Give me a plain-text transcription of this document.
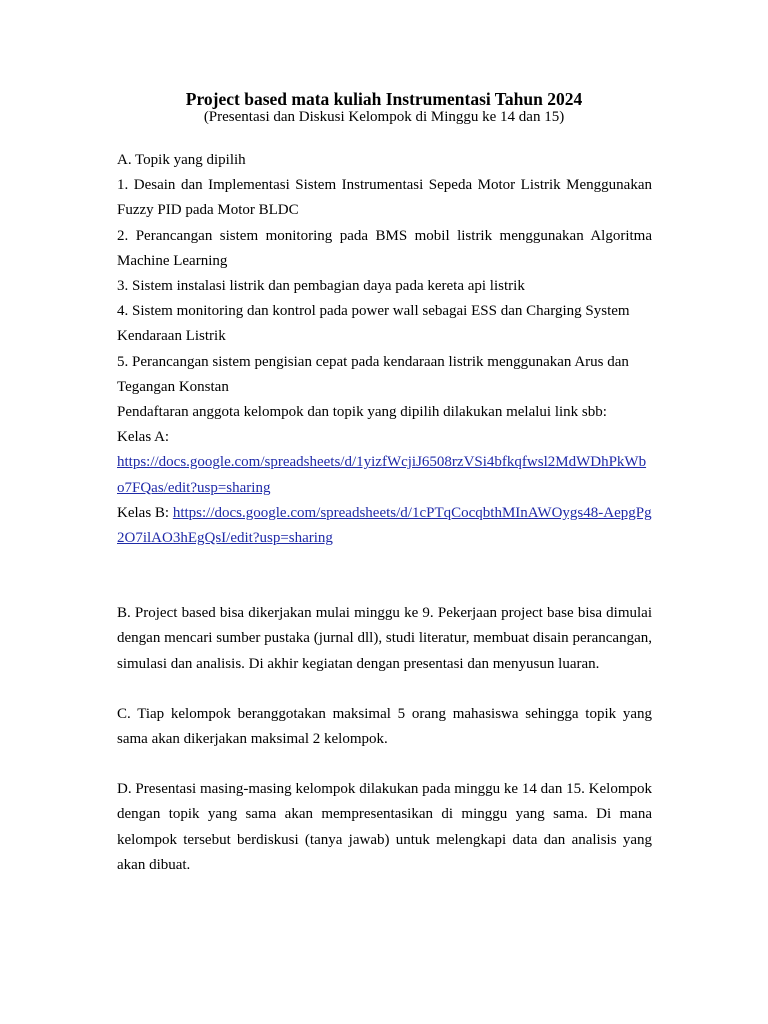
Project based mata kuliah Instrumentasi Tahun 2024
(Presentasi dan Diskusi Kelompok di Minggu ke 14 dan 15)

A. Topik yang dipilih

1. Desain dan Implementasi Sistem Instrumentasi Sepeda Motor Listrik Menggunakan Fuzzy PID pada Motor BLDC

2. Perancangan sistem monitoring pada BMS mobil listrik menggunakan Algoritma Machine Learning

3. Sistem instalasi listrik dan pembagian daya pada kereta api listrik

4. Sistem monitoring dan kontrol pada power wall sebagai ESS dan Charging System Kendaraan Listrik

5. Perancangan sistem pengisian cepat pada kendaraan listrik menggunakan Arus dan Tegangan Konstan

Pendaftaran anggota kelompok dan topik yang dipilih dilakukan melalui link sbb:

Kelas A:

https://docs.google.com/spreadsheets/d/1yizfWcjiJ6508rzVSi4bfkqfwsl2MdWDhPkWbo7FQas/edit?usp=sharing

Kelas B: https://docs.google.com/spreadsheets/d/1cPTqCocqbthMInAWOygs48-AepgPg2O7ilAO3hEgQsI/edit?usp=sharing

B. Project based bisa dikerjakan mulai minggu ke 9. Pekerjaan project base bisa dimulai dengan mencari sumber pustaka (jurnal dll), studi literatur, membuat disain perancangan, simulasi dan analisis. Di akhir kegiatan dengan presentasi dan menyusun luaran.

C. Tiap kelompok beranggotakan maksimal 5 orang mahasiswa sehingga topik yang sama akan dikerjakan maksimal 2 kelompok.

D. Presentasi masing-masing kelompok dilakukan pada minggu ke 14 dan 15. Kelompok dengan topik yang sama akan mempresentasikan di minggu yang sama. Di mana kelompok tersebut berdiskusi (tanya jawab) untuk melengkapi data dan analisis yang akan dibuat.
